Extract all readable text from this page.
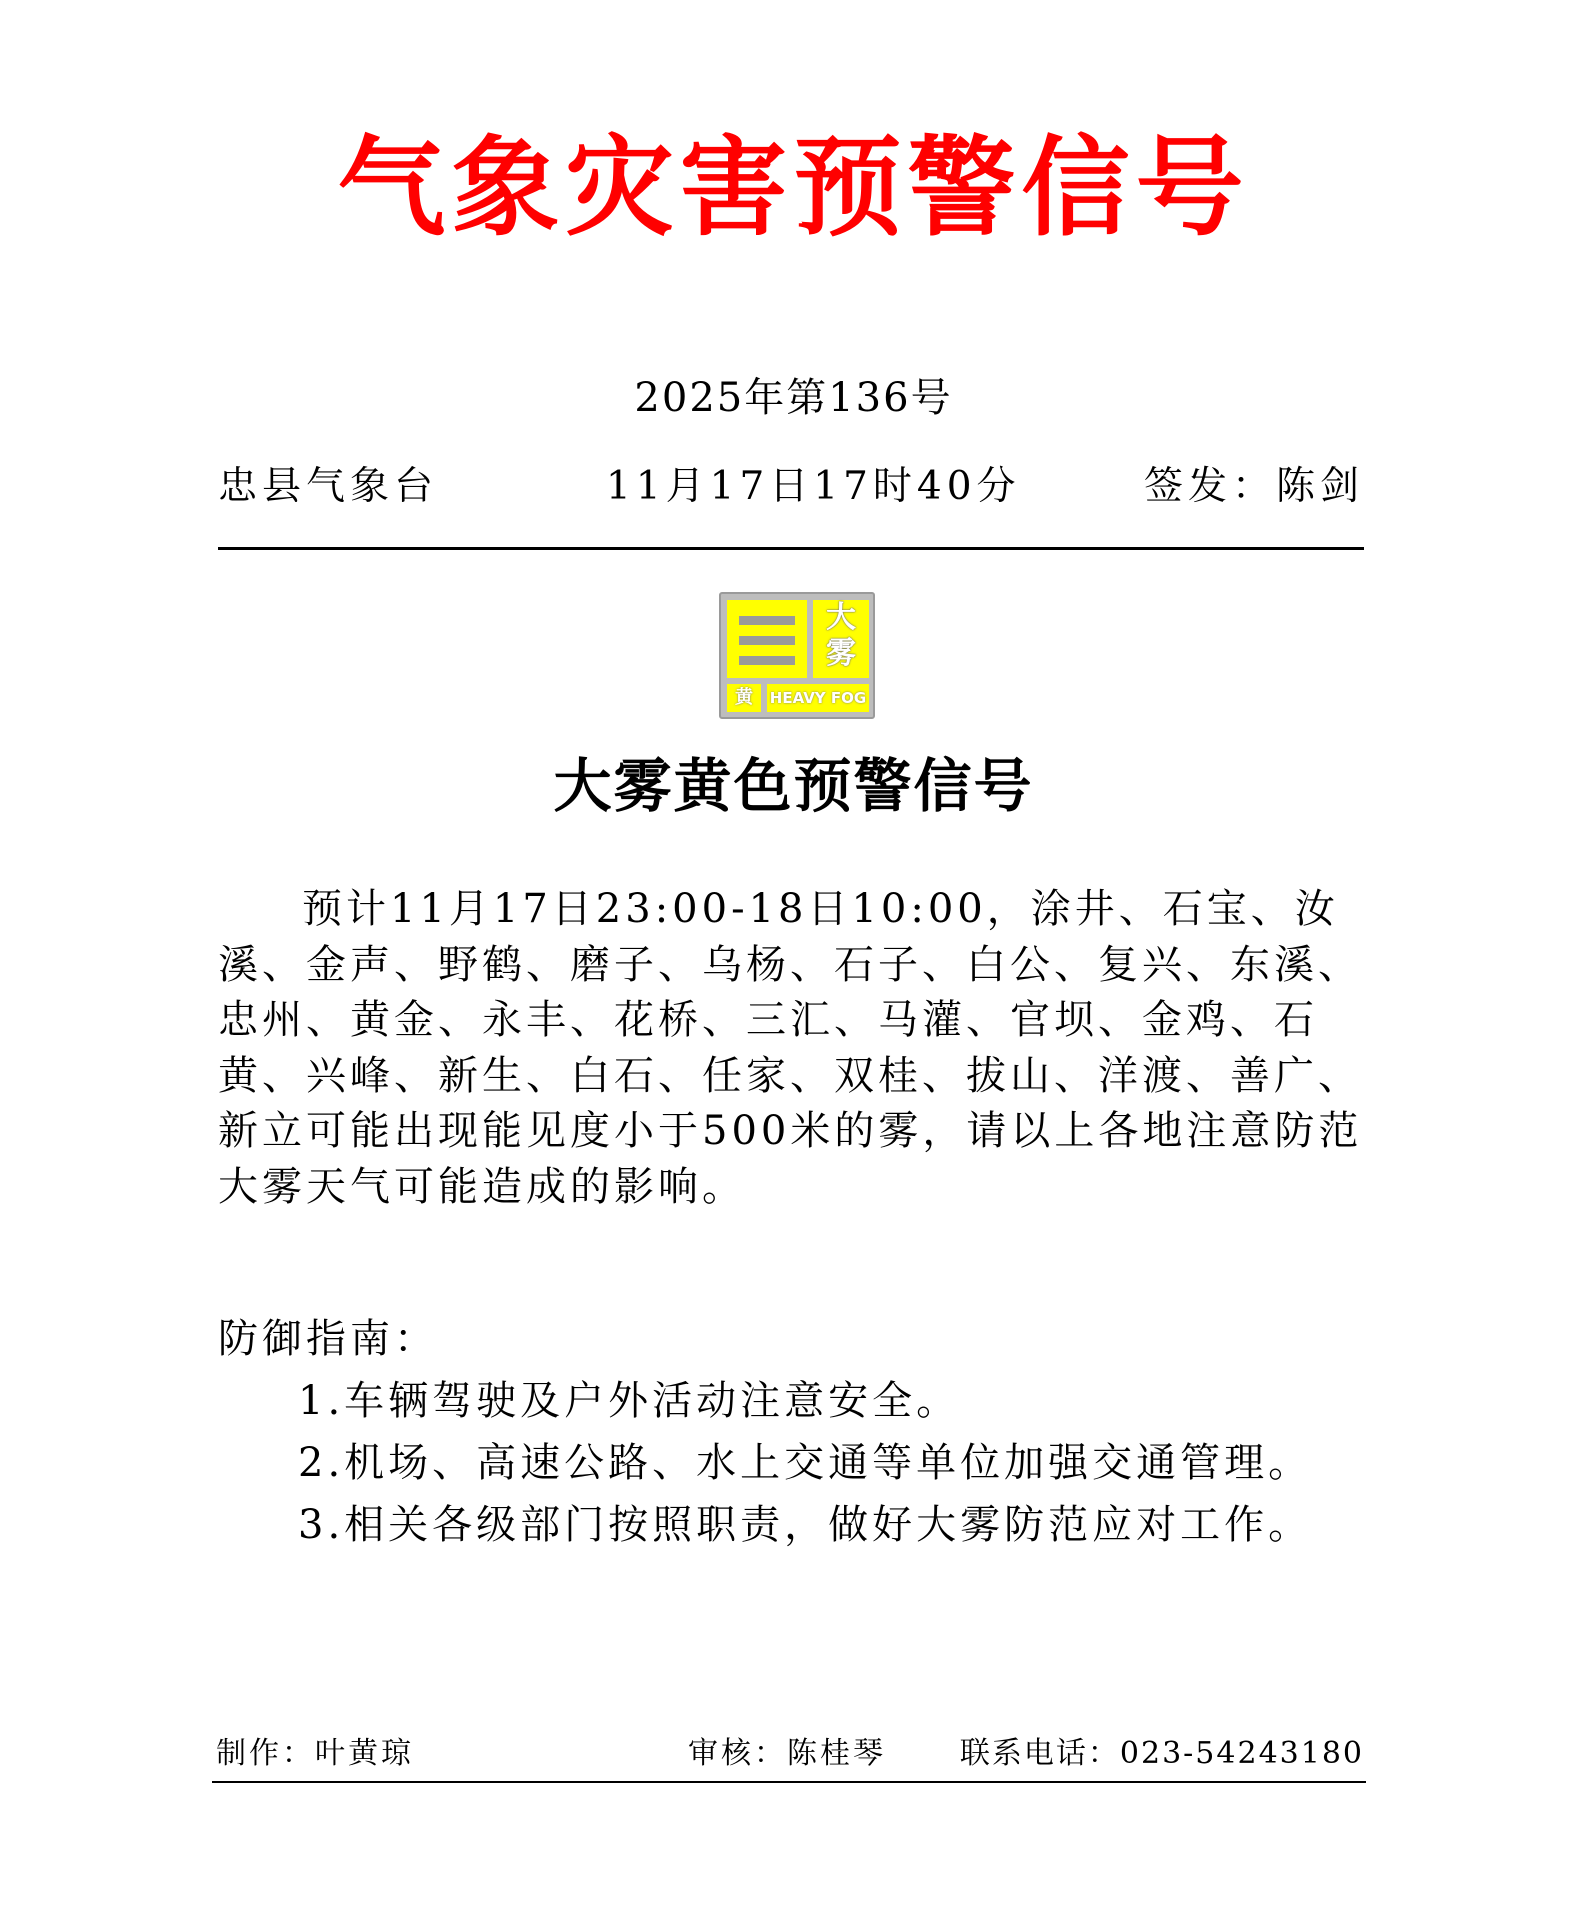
气象灾害预警信号
2025年第136号
忠县气象台	11月17日17时40分	签发：陈剑
大
雾
黄	HEAVY FOG
大雾黄色预警信号
预计11月17日23:00-18日10:00，涂井、石宝、汝溪、金声、野鹤、磨子、乌杨、石子、白公、复兴、东溪、忠州、黄金、永丰、花桥、三汇、马灌、官坝、金鸡、石黄、兴峰、新生、白石、任家、双桂、拔山、洋渡、善广、新立可能出现能见度小于500米的雾，请以上各地注意防范大雾天气可能造成的影响。
防御指南：
1.车辆驾驶及户外活动注意安全。
2.机场、高速公路、水上交通等单位加强交通管理。
3.相关各级部门按照职责，做好大雾防范应对工作。
制作：叶黄琼	审核：陈桂琴 联系电话：023-54243180
